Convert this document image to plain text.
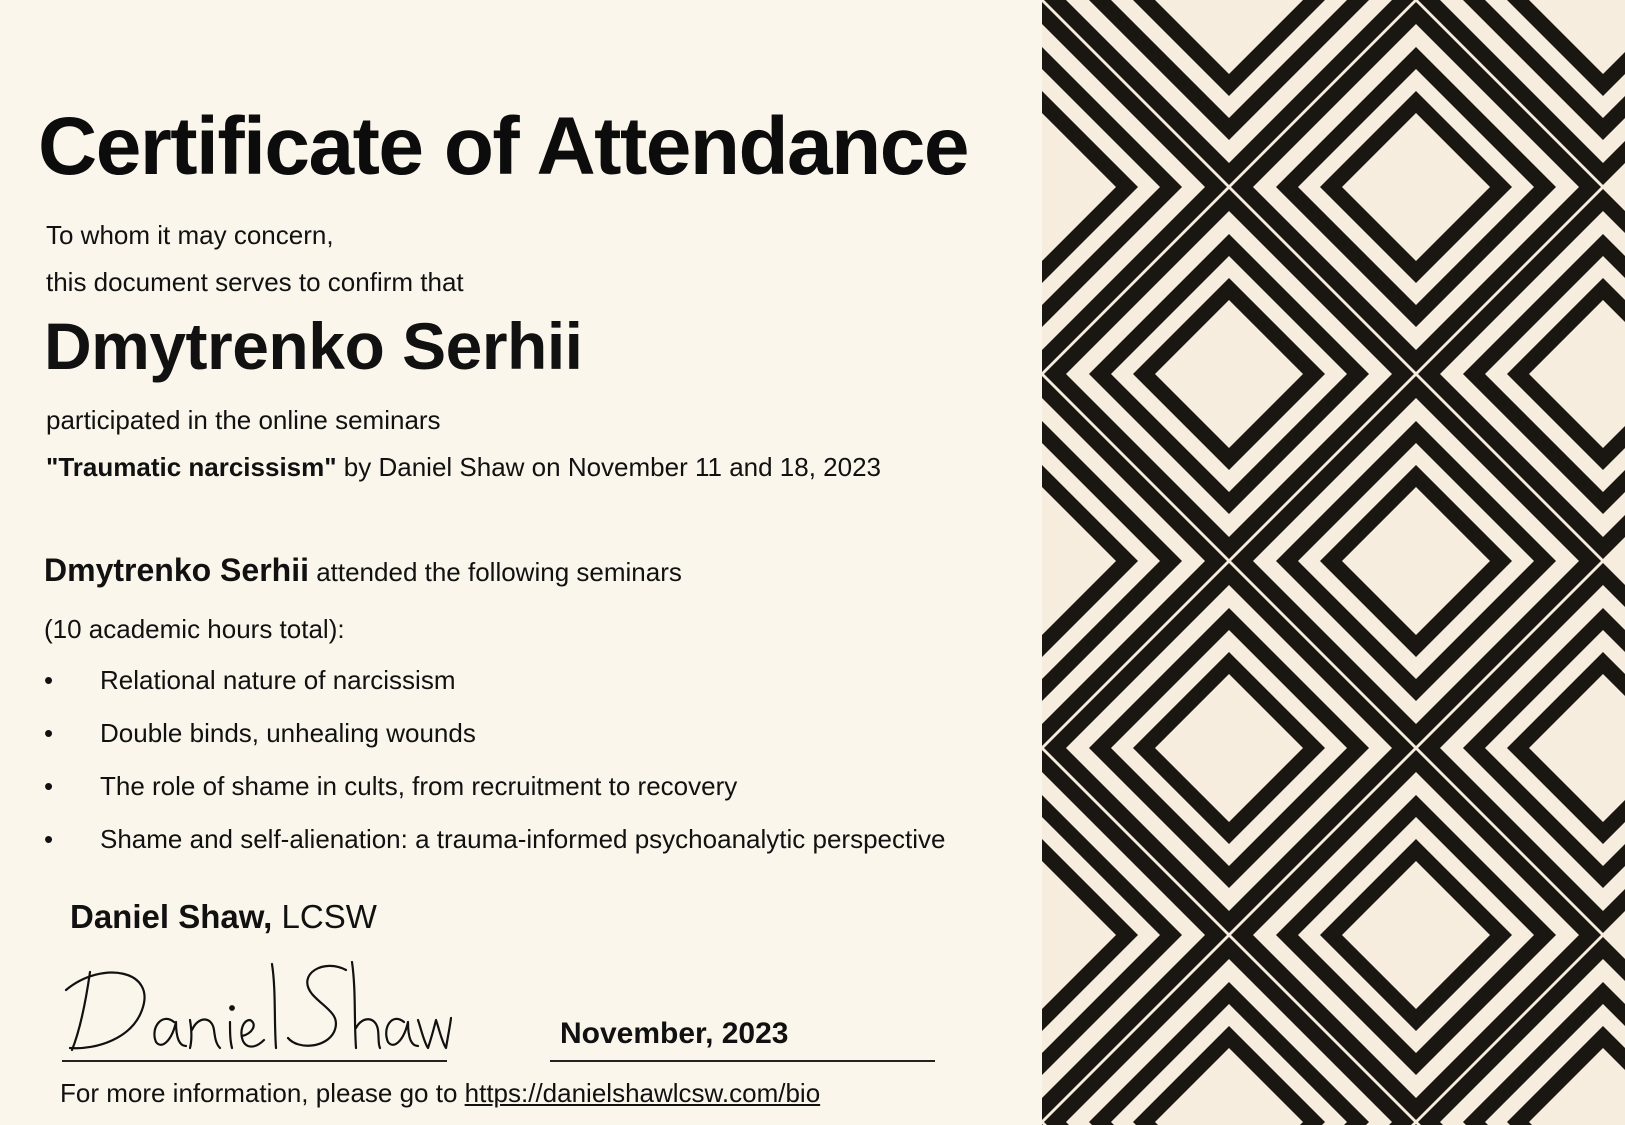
Certificate of Attendance
To whom it may concern,
this document serves to confirm that
Dmytrenko Serhii
participated in the online seminars
"Traumatic narcissism" by Daniel Shaw on November 11 and 18, 2023
Dmytrenko Serhii attended the following seminars
(10 academic hours total):
• Relational nature of narcissism
• Double binds, unhealing wounds
• The role of shame in cults, from recruitment to recovery
• Shame and self-alienation: a trauma-informed psychoanalytic perspective
Daniel Shaw, LCSW
November, 2023
For more information, please go to https://danielshawlcsw.com/bio
